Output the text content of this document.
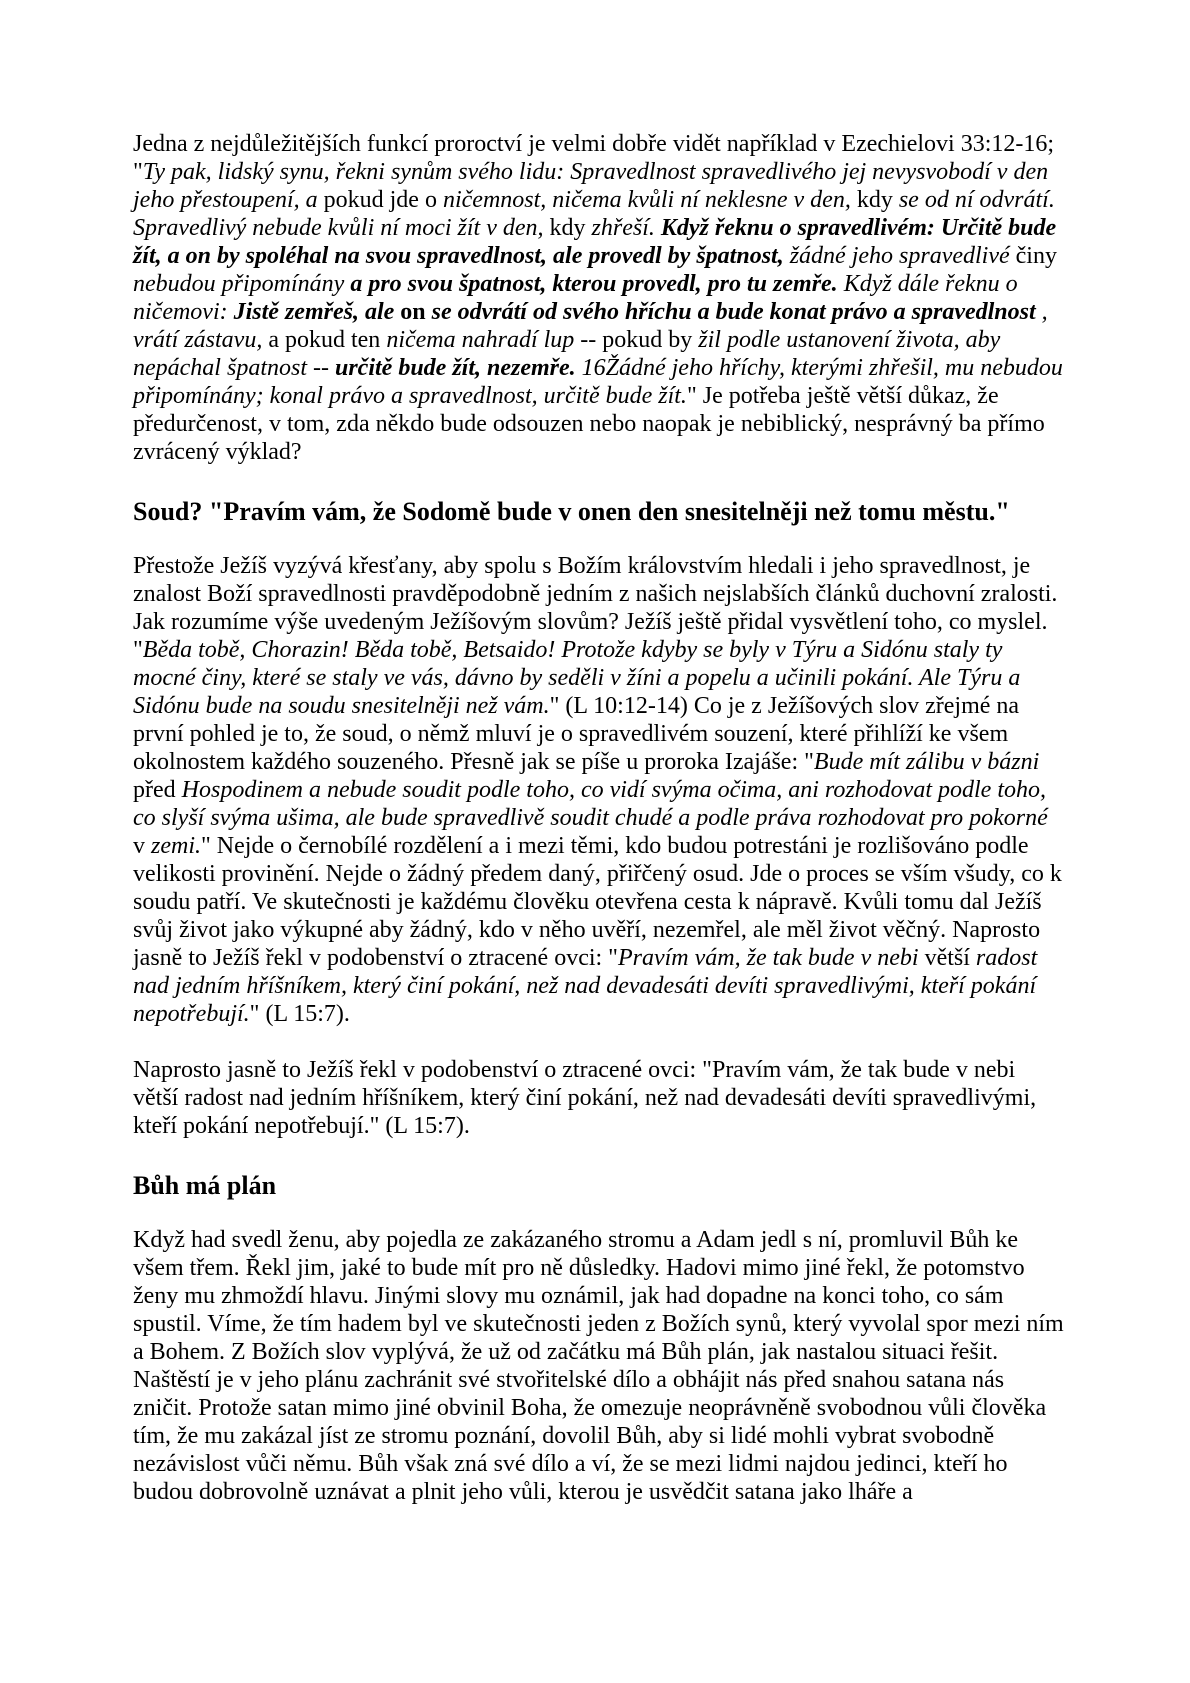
Jedna z nejdůležitějších funkcí proroctví je velmi dobře vidět například v Ezechielovi 33:12-16; "Ty pak, lidský synu, řekni synům svého lidu: Spravedlnost spravedlivého jej nevysvobodí v den jeho přestoupení, a pokud jde o ničemnost, ničema kvůli ní neklesne v den, kdy se od ní odvrátí. Spravedlivý nebude kvůli ní moci žít v den, kdy zhřeší. Když řeknu o spravedlivém: Určitě bude žít, a on by spoléhal na svou spravedlnost, ale provedl by špatnost, žádné jeho spravedlivé činy nebudou připomínány a pro svou špatnost, kterou provedl, pro tu zemře. Když dále řeknu o ničemovi: Jistě zemřeš, ale on se odvrátí od svého hříchu a bude konat právo a spravedlnost , vrátí zástavu, a pokud ten ničema nahradí lup -- pokud by žil podle ustanovení života, aby nepáchal špatnost -- určitě bude žít, nezemře. 16Žádné jeho hříchy, kterými zhřešil, mu nebudou připomínány; konal právo a spravedlnost, určitě bude žít." Je potřeba ještě větší důkaz, že předurčenost, v tom, zda někdo bude odsouzen nebo naopak je nebiblický, nesprávný ba přímo zvrácený výklad?

Soud? "Pravím vám, že Sodomě bude v onen den snesitelněji než tomu městu."

Přestože Ježíš vyzývá křesťany, aby spolu s Božím královstvím hledali i jeho spravedlnost, je znalost Boží spravedlnosti pravděpodobně jedním z našich nejslabších článků duchovní zralosti. Jak rozumíme výše uvedeným Ježíšovým slovům? Ježíš ještě přidal vysvětlení toho, co myslel. "Běda tobě, Chorazin! Běda tobě, Betsaido! Protože kdyby se byly v Týru a Sidónu staly ty mocné činy, které se staly ve vás, dávno by seděli v žíni a popelu a učinili pokání. Ale Týru a Sidónu bude na soudu snesitelněji než vám." (L 10:12-14) Co je z Ježíšových slov zřejmé na první pohled je to, že soud, o němž mluví je o spravedlivém souzení, které přihlíží ke všem okolnostem každého souzeného. Přesně jak se píše u proroka Izajáše: "Bude mít zálibu v bázni před Hospodinem a nebude soudit podle toho, co vidí svýma očima, ani rozhodovat podle toho, co slyší svýma ušima, ale bude spravedlivě soudit chudé a podle práva rozhodovat pro pokorné v zemi." Nejde o černobílé rozdělení a i mezi těmi, kdo budou potrestáni je rozlišováno podle velikosti provinění. Nejde o žádný předem daný, přiřčený osud. Jde o proces se vším všudy, co k soudu patří. Ve skutečnosti je každému člověku otevřena cesta k nápravě. Kvůli tomu dal Ježíš svůj život jako výkupné aby žádný, kdo v něho uvěří, nezemřel, ale měl život věčný. Naprosto jasně to Ježíš řekl v podobenství o ztracené ovci: "Pravím vám, že tak bude v nebi větší radost nad jedním hříšníkem, který činí pokání, než nad devadesáti devíti spravedlivými, kteří pokání nepotřebují." (L 15:7).

Naprosto jasně to Ježíš řekl v podobenství o ztracené ovci: "Pravím vám, že tak bude v nebi větší radost nad jedním hříšníkem, který činí pokání, než nad devadesáti devíti spravedlivými, kteří pokání nepotřebují." (L 15:7).

Bůh má plán

Když had svedl ženu, aby pojedla ze zakázaného stromu a Adam jedl s ní, promluvil Bůh ke všem třem. Řekl jim, jaké to bude mít pro ně důsledky. Hadovi mimo jiné řekl, že potomstvo ženy mu zhmoždí hlavu. Jinými slovy mu oznámil, jak had dopadne na konci toho, co sám spustil. Víme, že tím hadem byl ve skutečnosti jeden z Božích synů, který vyvolal spor mezi ním a Bohem. Z Božích slov vyplývá, že už od začátku má Bůh plán, jak nastalou situaci řešit. Naštěstí je v jeho plánu zachránit své stvořitelské dílo a obhájit nás před snahou satana nás zničit. Protože satan mimo jiné obvinil Boha, že omezuje neoprávněně svobodnou vůli člověka tím, že mu zakázal jíst ze stromu poznání, dovolil Bůh, aby si lidé mohli vybrat svobodně nezávislost vůči němu. Bůh však zná své dílo a ví, že se mezi lidmi najdou jedinci, kteří ho budou dobrovolně uznávat a plnit jeho vůli, kterou je usvědčit satana jako lháře a
